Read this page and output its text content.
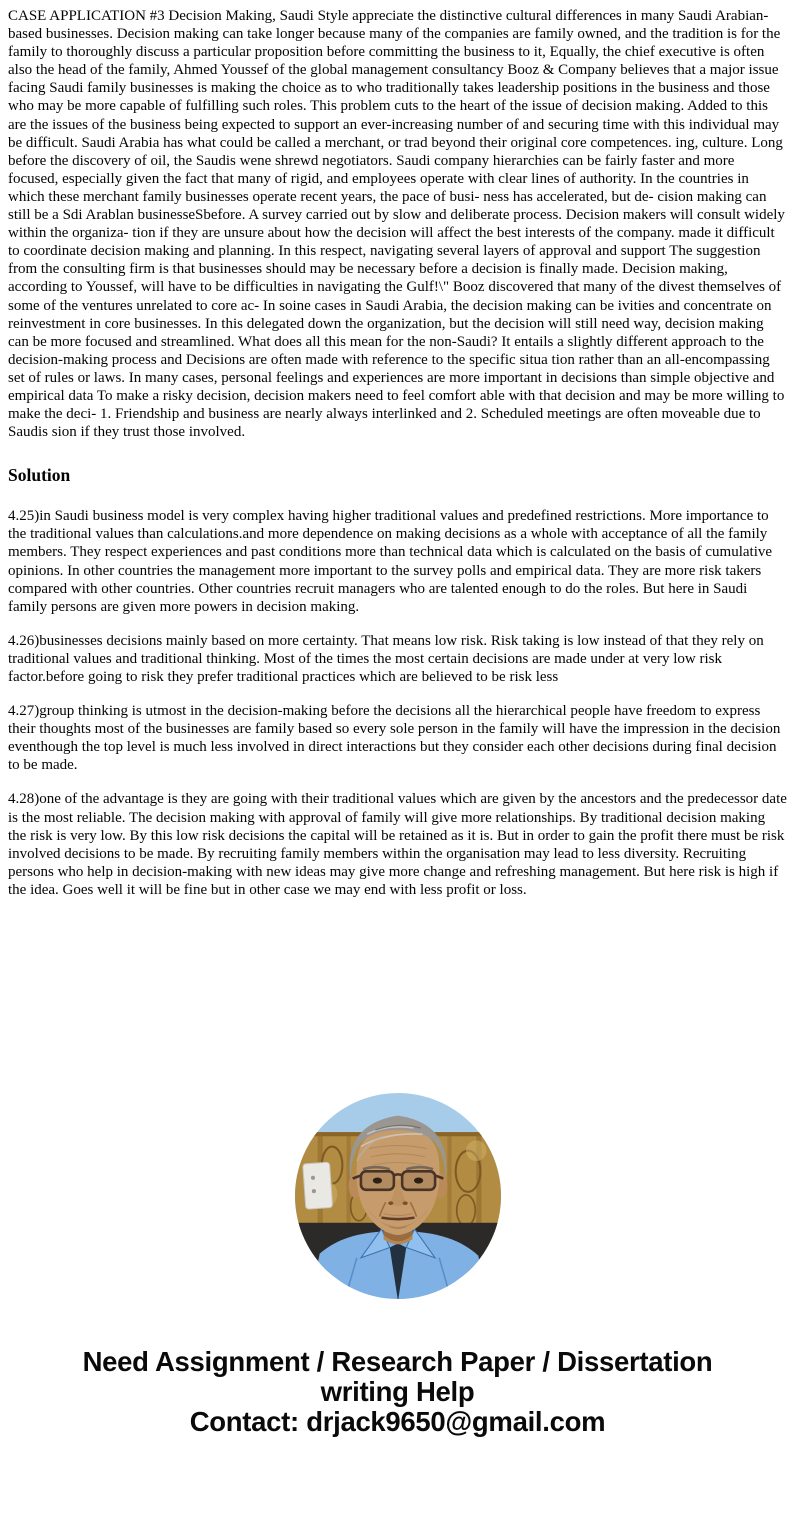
CASE APPLICATION #3 Decision Making, Saudi Style appreciate the distinctive cultural differences in many Saudi Arabian-based businesses. Decision making can take longer because many of the companies are family owned, and the tradition is for the family to thoroughly discuss a particular proposition before committing the business to it, Equally, the chief executive is often also the head of the family, Ahmed Youssef of the global management consultancy Booz & Company believes that a major issue facing Saudi family businesses is making the choice as to who traditionally takes leadership positions in the business and those who may be more capable of fulfilling such roles. This problem cuts to the heart of the issue of decision making. Added to this are the issues of the business being expected to support an ever-increasing number of and securing time with this individual may be difficult. Saudi Arabia has what could be called a merchant, or trad beyond their original core competences. ing, culture. Long before the discovery of oil, the Saudis wene shrewd negotiators. Saudi company hierarchies can be fairly faster and more focused, especially given the fact that many of rigid, and employees operate with clear lines of authority. In the countries in which these merchant family businesses operate recent years, the pace of busi- ness has accelerated, but de- cision making can still be a Sdi Arablan businesseSbefore. A survey carried out by slow and deliberate process. Decision makers will consult widely within the organiza- tion if they are unsure about how the decision will affect the best interests of the company. made it difficult to coordinate decision making and planning. In this respect, navigating several layers of approval and support The suggestion from the consulting firm is that businesses should may be necessary before a decision is finally made. Decision making, according to Youssef, will have to be difficulties in navigating the Gulf!\" Booz discovered that many of the divest themselves of some of the ventures unrelated to core ac- In soine cases in Saudi Arabia, the decision making can be ivities and concentrate on reinvestment in core businesses. In this delegated down the organization, but the decision will still need way, decision making can be more focused and streamlined. What does all this mean for the non-Saudi? It entails a slightly different approach to the decision-making process and Decisions are often made with reference to the specific situa tion rather than an all-encompassing set of rules or laws. In many cases, personal feelings and experiences are more important in decisions than simple objective and empirical data To make a risky decision, decision makers need to feel comfort able with that decision and may be more willing to make the deci- 1. Friendship and business are nearly always interlinked and 2. Scheduled meetings are often moveable due to Saudis sion if they trust those involved.

Solution

4.25)in Saudi business model is very complex having higher traditional values and predefined restrictions. More importance to the traditional values than calculations.and more dependence on making decisions as a whole with acceptance of all the family members. They respect experiences and past conditions more than technical data which is calculated on the basis of cumulative opinions. In other countries the management more important to the survey polls and empirical data. They are more risk takers compared with other countries. Other countries recruit managers who are talented enough to do the roles. But here in Saudi family persons are given more powers in decision making.

4.26)businesses decisions mainly based on more certainty. That means low risk. Risk taking is low instead of that they rely on traditional values and traditional thinking. Most of the times the most certain decisions are made under at very low risk factor.before going to risk they prefer traditional practices which are believed to be risk less

4.27)group thinking is utmost in the decision-making before the decisions all the hierarchical people have freedom to express their thoughts most of the businesses are family based so every sole person in the family will have the impression in the decision eventhough the top level is much less involved in direct interactions but they consider each other decisions during final decision to be made.

4.28)one of the advantage is they are going with their traditional values which are given by the ancestors and the predecessor date is the most reliable. The decision making with approval of family will give more relationships. By traditional decision making the risk is very low. By this low risk decisions the capital will be retained as it is. But in order to gain the profit there must be risk involved decisions to be made. By recruiting family members within the organisation may lead to less diversity. Recruiting persons who help in decision-making with new ideas may give more change and refreshing management. But here risk is high if the idea. Goes well it will be fine but in other case we may end with less profit or loss.

Need Assignment / Research Paper / Dissertation
writing Help
Contact: drjack9650@gmail.com
